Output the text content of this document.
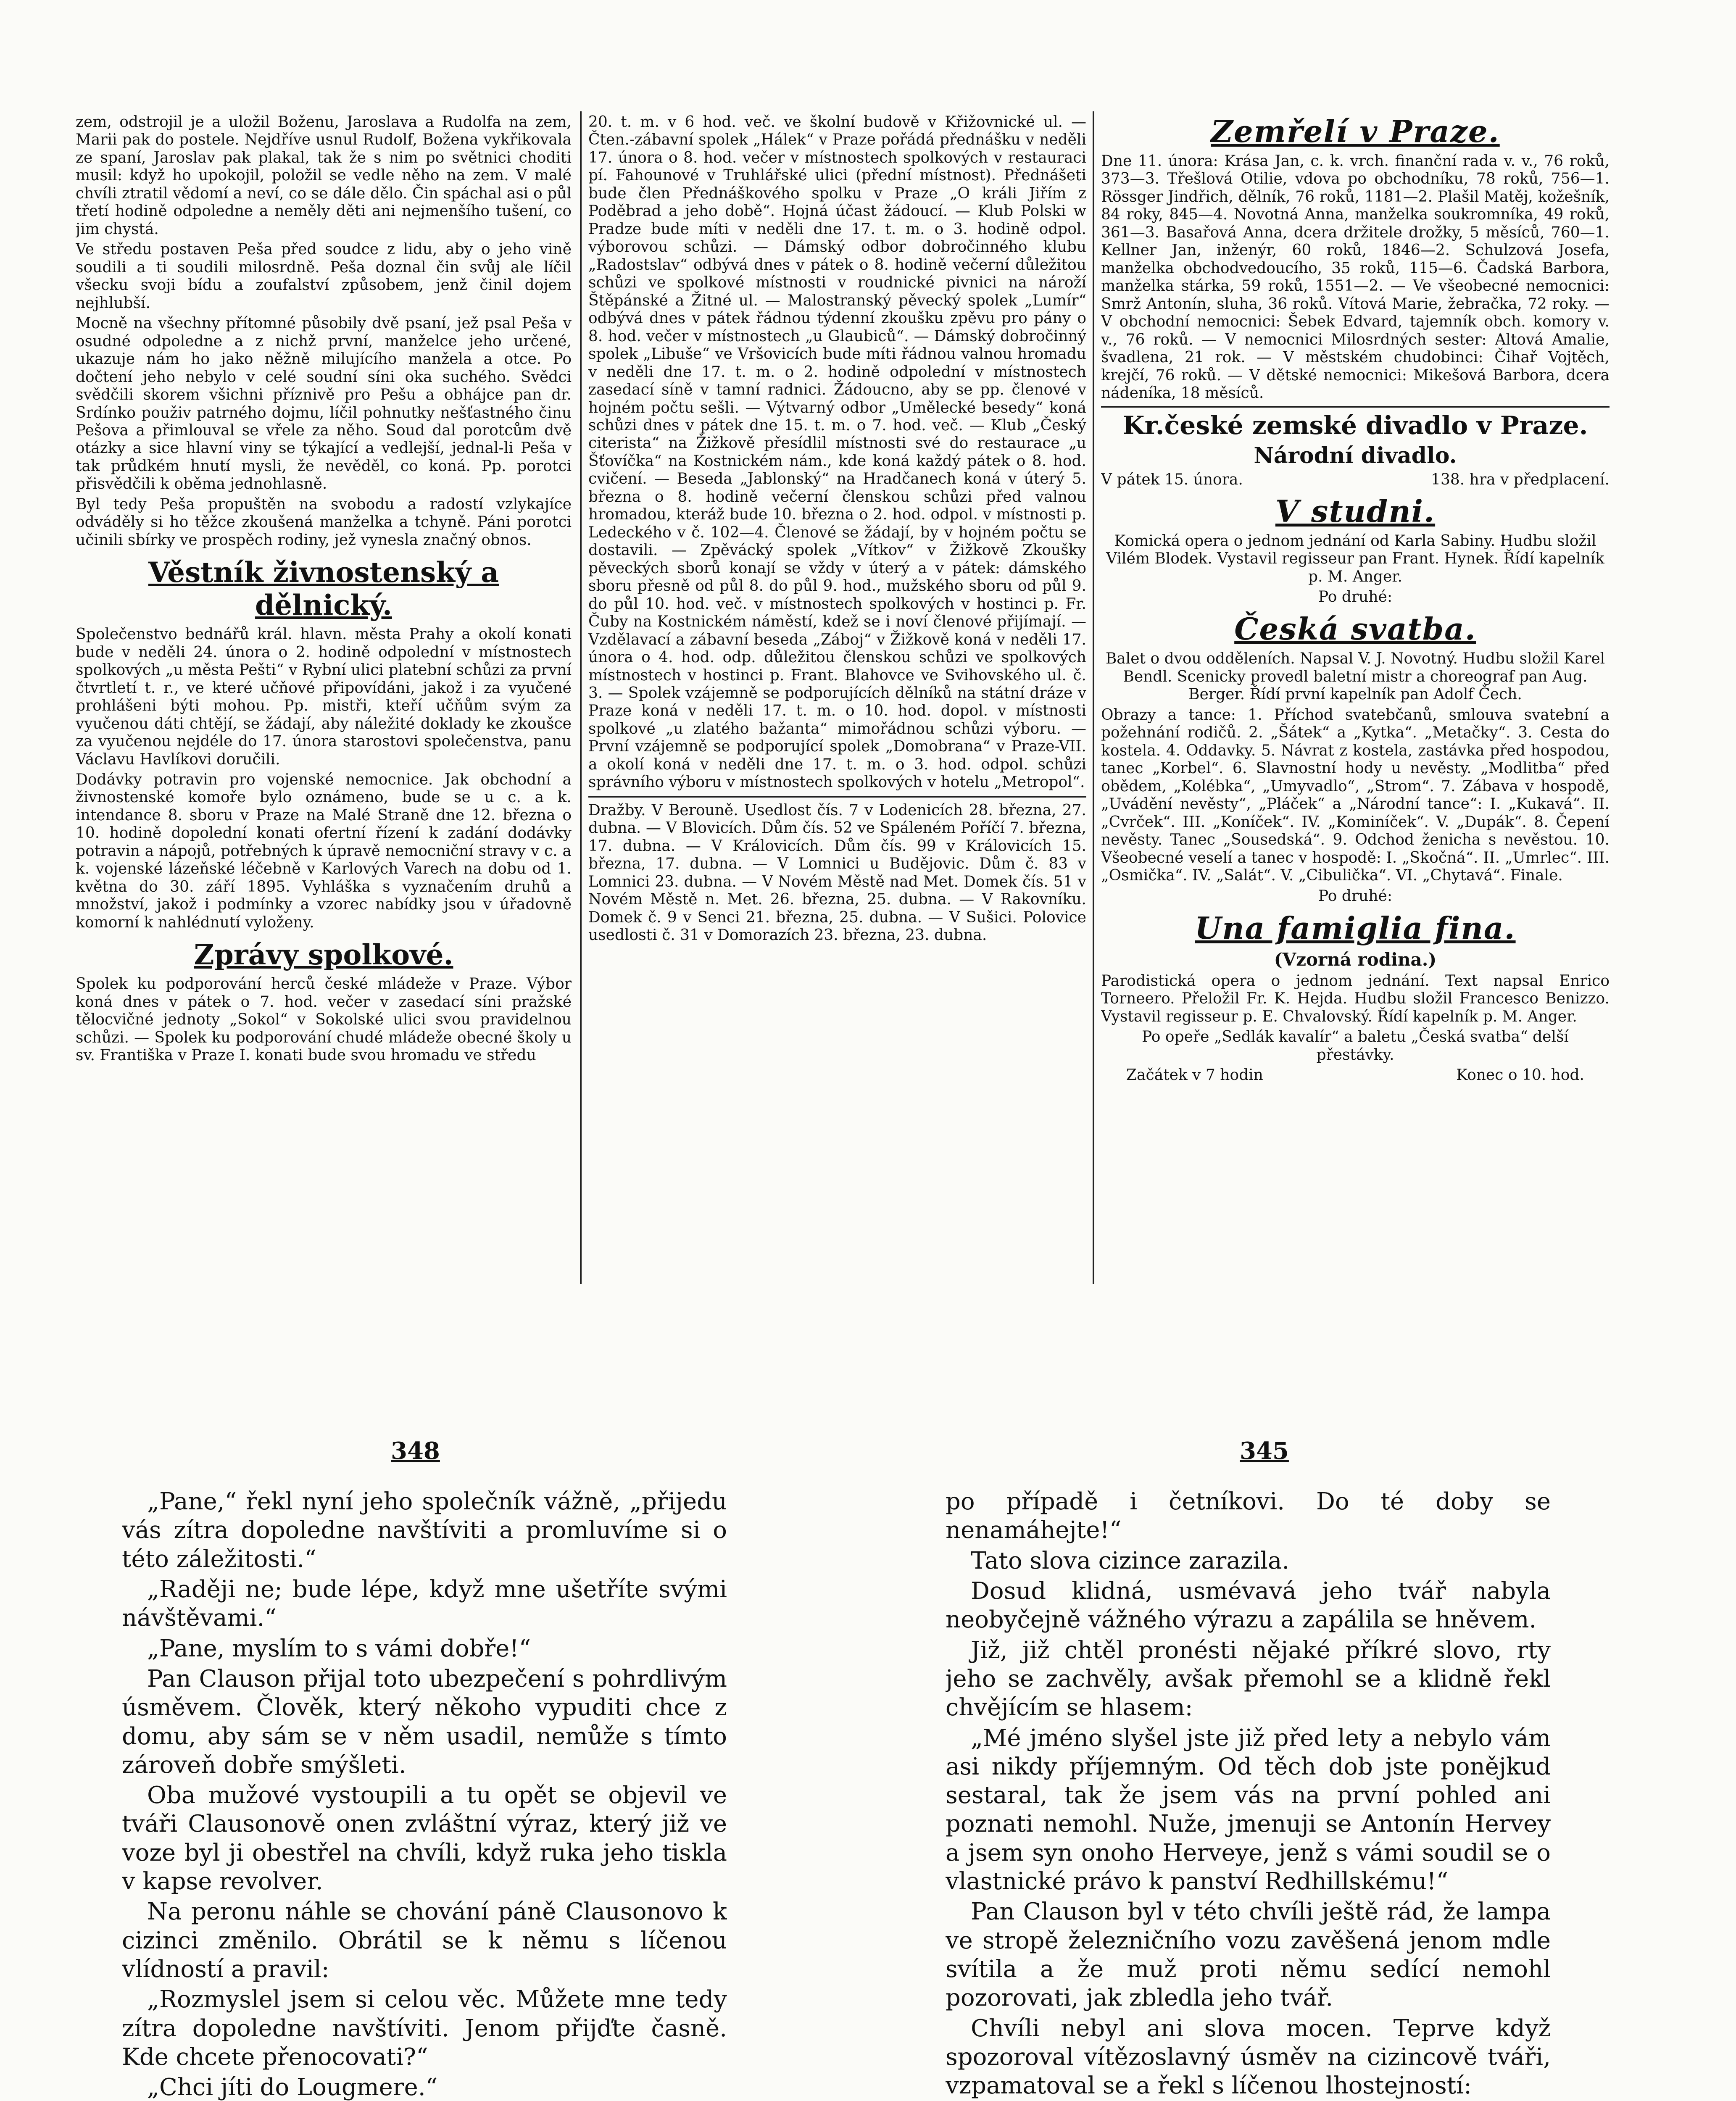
zem, odstrojil je a uložil Boženu, Jaroslava a Rudolfa na zem, Marii pak do postele. Nejdříve usnul Rudolf, Božena vykřikovala ze spaní, Jaroslav pak plakal, tak že s nim po světnici choditi musil: když ho upokojil, položil se vedle něho na zem. V malé chvíli ztratil vědomí a neví, co se dále dělo. Čin spáchal asi o půl třetí hodině odpoledne a neměly děti ani nejmenšího tušení, co jim chystá.

Ve středu postaven Peša před soudce z lidu, aby o jeho vině soudili a ti soudili milosrdně. Peša doznal čin svůj ale líčil všecku svoji bídu a zoufalství způsobem, jenž činil dojem nejhlubší.

Mocně na všechny přítomné působily dvě psaní, jež psal Peša v osudné odpoledne a z nichž první, manželce jeho určené, ukazuje nám ho jako něžně milujícího manžela a otce. Po dočtení jeho nebylo v celé soudní síni oka suchého. Svědci svědčili skorem všichni příznivě pro Pešu a obhájce pan dr. Srdínko použiv patrného dojmu, líčil pohnutky nešťastného činu Pešova a přimlouval se vřele za něho. Soud dal porotcům dvě otázky a sice hlavní viny se týkající a vedlejší, jednal-li Peša v tak průdkém hnutí mysli, že nevěděl, co koná. Pp. porotci přisvědčili k oběma jednohlasně.

Byl tedy Peša propuštěn na svobodu a radostí vzlykajíce odváděly si ho těžce zkoušená manželka a tchyně. Páni porotci učinili sbírky ve prospěch rodiny, jež vynesla značný obnos.

Věstník živnostenský a dělnický.

Společenstvo bednářů král. hlavn. města Prahy a okolí konati bude v neděli 24. února o 2. hodině odpolední v místnostech spolkových „u města Pešti“ v Rybní ulici platební schůzi za první čtvrtletí t. r., ve které učňové připovídáni, jakož i za vyučené prohlášeni býti mohou. Pp. mistři, kteří učňům svým za vyučenou dáti chtějí, se žádají, aby náležité doklady ke zkoušce za vyučenou nejdéle do 17. února starostovi společenstva, panu Václavu Havlíkovi doručili.

Dodávky potravin pro vojenské nemocnice. Jak obchodní a živnostenské komoře bylo oznámeno, bude se u c. a k. intendance 8. sboru v Praze na Malé Straně dne 12. března o 10. hodině dopolední konati ofertní řízení k zadání dodávky potravin a nápojů, potřebných k úpravě nemocniční stravy v c. a k. vojenské lázeňské léčebně v Karlových Varech na dobu od 1. května do 30. září 1895. Vyhláška s vyznačením druhů a množství, jakož i podmínky a vzorec nabídky jsou v úřadovně komorní k nahlédnutí vyloženy.

Zprávy spolkové.

Spolek ku podporování herců české mládeže v Praze. Výbor koná dnes v pátek o 7. hod. večer v zasedací síni pražské tělocvičné jednoty „Sokol“ v Sokolské ulici svou pravidelnou schůzi. — Spolek ku podporování chudé mládeže obecné školy u sv. Františka v Praze I. konati bude svou hromadu ve středu

20. t. m. v 6 hod. več. ve školní budově v Křižovnické ul. — Čten.-zábavní spolek „Hálek“ v Praze pořádá přednášku v neděli 17. února o 8. hod. večer v místnostech spolkových v restauraci pí. Fahounové v Truhlářské ulici (přední místnost). Přednášeti bude člen Přednáškového spolku v Praze „O králi Jiřím z Poděbrad a jeho době“. Hojná účast žádoucí. — Klub Polski w Pradze bude míti v neděli dne 17. t. m. o 3. hodině odpol. výborovou schůzi. — Dámský odbor dobročinného klubu „Radostslav“ odbývá dnes v pátek o 8. hodině večerní důležitou schůzi ve spolkové místnosti v roudnické pivnici na nároží Štěpánské a Žitné ul. — Malostranský pěvecký spolek „Lumír“ odbývá dnes v pátek řádnou týdenní zkoušku zpěvu pro pány o 8. hod. večer v místnostech „u Glaubiců“. — Dámský dobročinný spolek „Libuše“ ve Vršovicích bude míti řádnou valnou hromadu v neděli dne 17. t. m. o 2. hodině odpolední v místnostech zasedací síně v tamní radnici. Žádoucno, aby se pp. členové v hojném počtu sešli. — Výtvarný odbor „Umělecké besedy“ koná schůzi dnes v pátek dne 15. t. m. o 7. hod. več. — Klub „Český citerista“ na Žižkově přesídlil místnosti své do restaurace „u Šťovíčka“ na Kostnickém nám., kde koná každý pátek o 8. hod. cvičení. — Beseda „Jablonský“ na Hradčanech koná v úterý 5. března o 8. hodině večerní členskou schůzi před valnou hromadou, kteráž bude 10. března o 2. hod. odpol. v místnosti p. Ledeckého v č. 102—4. Členové se žádají, by v hojném počtu se dostavili. — Zpěvácký spolek „Vítkov“ v Žižkově Zkoušky pěveckých sborů konají se vždy v úterý a v pátek: dámského sboru přesně od půl 8. do půl 9. hod., mužského sboru od půl 9. do půl 10. hod. več. v místnostech spolkových v hostinci p. Fr. Čuby na Kostnickém náměstí, kdež se i noví členové přijímají. — Vzdělavací a zábavní beseda „Záboj“ v Žižkově koná v neděli 17. února o 4. hod. odp. důležitou členskou schůzi ve spolkových místnostech v hostinci p. Frant. Blahovce ve Svihovského ul. č. 3. — Spolek vzájemně se podporujících dělníků na státní dráze v Praze koná v neděli 17. t. m. o 10. hod. dopol. v místnosti spolkové „u zlatého bažanta“ mimořádnou schůzi výboru. — První vzájemně se podporující spolek „Domobrana“ v Praze-VII. a okolí koná v neděli dne 17. t. m. o 3. hod. odpol. schůzi správního výboru v místnostech spolkových v hotelu „Metropol“.

Dražby. V Berouně. Usedlost čís. 7 v Lodenicích 28. března, 27. dubna. — V Blovicích. Dům čís. 52 ve Spáleném Poříčí 7. března, 17. dubna. — V Královicích. Dům čís. 99 v Královicích 15. března, 17. dubna. — V Lomnici u Budějovic. Dům č. 83 v Lomnici 23. dubna. — V Novém Městě nad Met. Domek čís. 51 v Novém Městě n. Met. 26. března, 25. dubna. — V Rakovníku. Domek č. 9 v Senci 21. března, 25. dubna. — V Sušici. Polovice usedlosti č. 31 v Domorazích 23. března, 23. dubna.

Zemřelí v Praze.

Dne 11. února: Krása Jan, c. k. vrch. finanční rada v. v., 76 roků, 373—3. Třešlová Otilie, vdova po obchodníku, 78 roků, 756—1. Rössger Jindřich, dělník, 76 roků, 1181—2. Plašil Matěj, kožešník, 84 roky, 845—4. Novotná Anna, manželka soukromníka, 49 roků, 361—3. Basařová Anna, dcera držitele drožky, 5 měsíců, 760—1. Kellner Jan, inženýr, 60 roků, 1846—2. Schulzová Josefa, manželka obchodvedoucího, 35 roků, 115—6. Čadská Barbora, manželka stárka, 59 roků, 1551—2. — Ve všeobecné nemocnici: Smrž Antonín, sluha, 36 roků. Vítová Marie, žebračka, 72 roky. — V obchodní nemocnici: Šebek Edvard, tajemník obch. komory v. v., 76 roků. — V nemocnici Milosrdných sester: Altová Amalie, švadlena, 21 rok. — V městském chudobinci: Čihař Vojtěch, krejčí, 76 roků. — V dětské nemocnici: Mikešová Barbora, dcera nádeníka, 18 měsíců.

Kr.české zemské divadlo v Praze.
Národní divadlo.
V pátek 15. února.	138. hra v předplacení.
V studni.

Komická opera o jednom jednání od Karla Sabiny. Hudbu složil Vilém Blodek. Vystavil regisseur pan Frant. Hynek. Řídí kapelník p. M. Anger.

Po druhé:

Česká svatba.

Balet o dvou odděleních. Napsal V. J. Novotný. Hudbu složil Karel Bendl. Scenicky provedl baletní mistr a choreograf pan Aug. Berger. Řídí první kapelník pan Adolf Čech.

Obrazy a tance: 1. Příchod svatebčanů, smlouva svatební a požehnání rodičů. 2. „Šátek“ a „Kytka“. „Metačky“. 3. Cesta do kostela. 4. Oddavky. 5. Návrat z kostela, zastávka před hospodou, tanec „Korbel“. 6. Slavnostní hody u nevěsty. „Modlitba“ před obědem, „Kolébka“, „Umyvadlo“, „Strom“. 7. Zábava v hospodě, „Uvádění nevěsty“, „Pláček“ a „Národní tance“: I. „Kukavá“. II. „Cvrček“. III. „Koníček“. IV. „Kominíček“. V. „Dupák“. 8. Čepení nevěsty. Tanec „Sousedská“. 9. Odchod ženicha s nevěstou. 10. Všeobecné veselí a tanec v hospodě: I. „Skočná“. II. „Umrlec“. III. „Osmička“. IV. „Salát“. V. „Cibulička“. VI. „Chytavá“. Finale.

Po druhé:

Una famiglia fina.
(Vzorná rodina.)

Parodistická opera o jednom jednání. Text napsal Enrico Torneero. Přeložil Fr. K. Hejda. Hudbu složil Francesco Benizzo. Vystavil regisseur p. E. Chvalovský. Řídí kapelník p. M. Anger.

Po opeře „Sedlák kavalír“ a baletu „Česká svatba“ delší přestávky.

Začátek v 7 hodin	Konec o 10. hod.
348	345

„Pane,“ řekl nyní jeho společník vážně, „přijedu vás zítra dopoledne navštíviti a promluvíme si o této záležitosti.“

„Raději ne; bude lépe, když mne ušetříte svými návštěvami.“

„Pane, myslím to s vámi dobře!“

Pan Clauson přijal toto ubezpečení s pohrdlivým úsměvem. Člověk, který někoho vypuditi chce z domu, aby sám se v něm usadil, nemůže s tímto zároveň dobře smýšleti.

Oba mužové vystoupili a tu opět se objevil ve tváři Clausonově onen zvláštní výraz, který již ve voze byl ji obestřel na chvíli, když ruka jeho tiskla v kapse revolver.

Na peronu náhle se chování páně Clausonovo k cizinci změnilo. Obrátil se k němu s líčenou vlídností a pravil:

„Rozmyslel jsem si celou věc. Můžete mne tedy zítra dopoledne navštíviti. Jenom přijďte časně. Kde chcete přenocovati?“

„Chci jíti do Lougmere.“

po případě i četníkovi. Do té doby se nenamáhejte!“

Tato slova cizince zarazila.

Dosud klidná, usmévavá jeho tvář nabyla neobyčejně vážného výrazu a zapálila se hněvem.

Již, již chtěl pronésti nějaké příkré slovo, rty jeho se zachvěly, avšak přemohl se a klidně řekl chvějícím se hlasem:

„Mé jméno slyšel jste již před lety a nebylo vám asi nikdy příjemným. Od těch dob jste ponějkud sestaral, tak že jsem vás na první pohled ani poznati nemohl. Nuže, jmenuji se Antonín Hervey a jsem syn onoho Herveye, jenž s vámi soudil se o vlastnické právo k panství Redhillskému!“

Pan Clauson byl v této chvíli ještě rád, že lampa ve stropě železničního vozu zavěšená jenom mdle svítila a že muž proti němu sedící nemohl pozorovati, jak zbledla jeho tvář.

Chvíli nebyl ani slova mocen. Teprve když spozoroval vítězoslavný úsměv na cizincově tváři, vzpamatoval se a řekl s líčenou lhostejností:
